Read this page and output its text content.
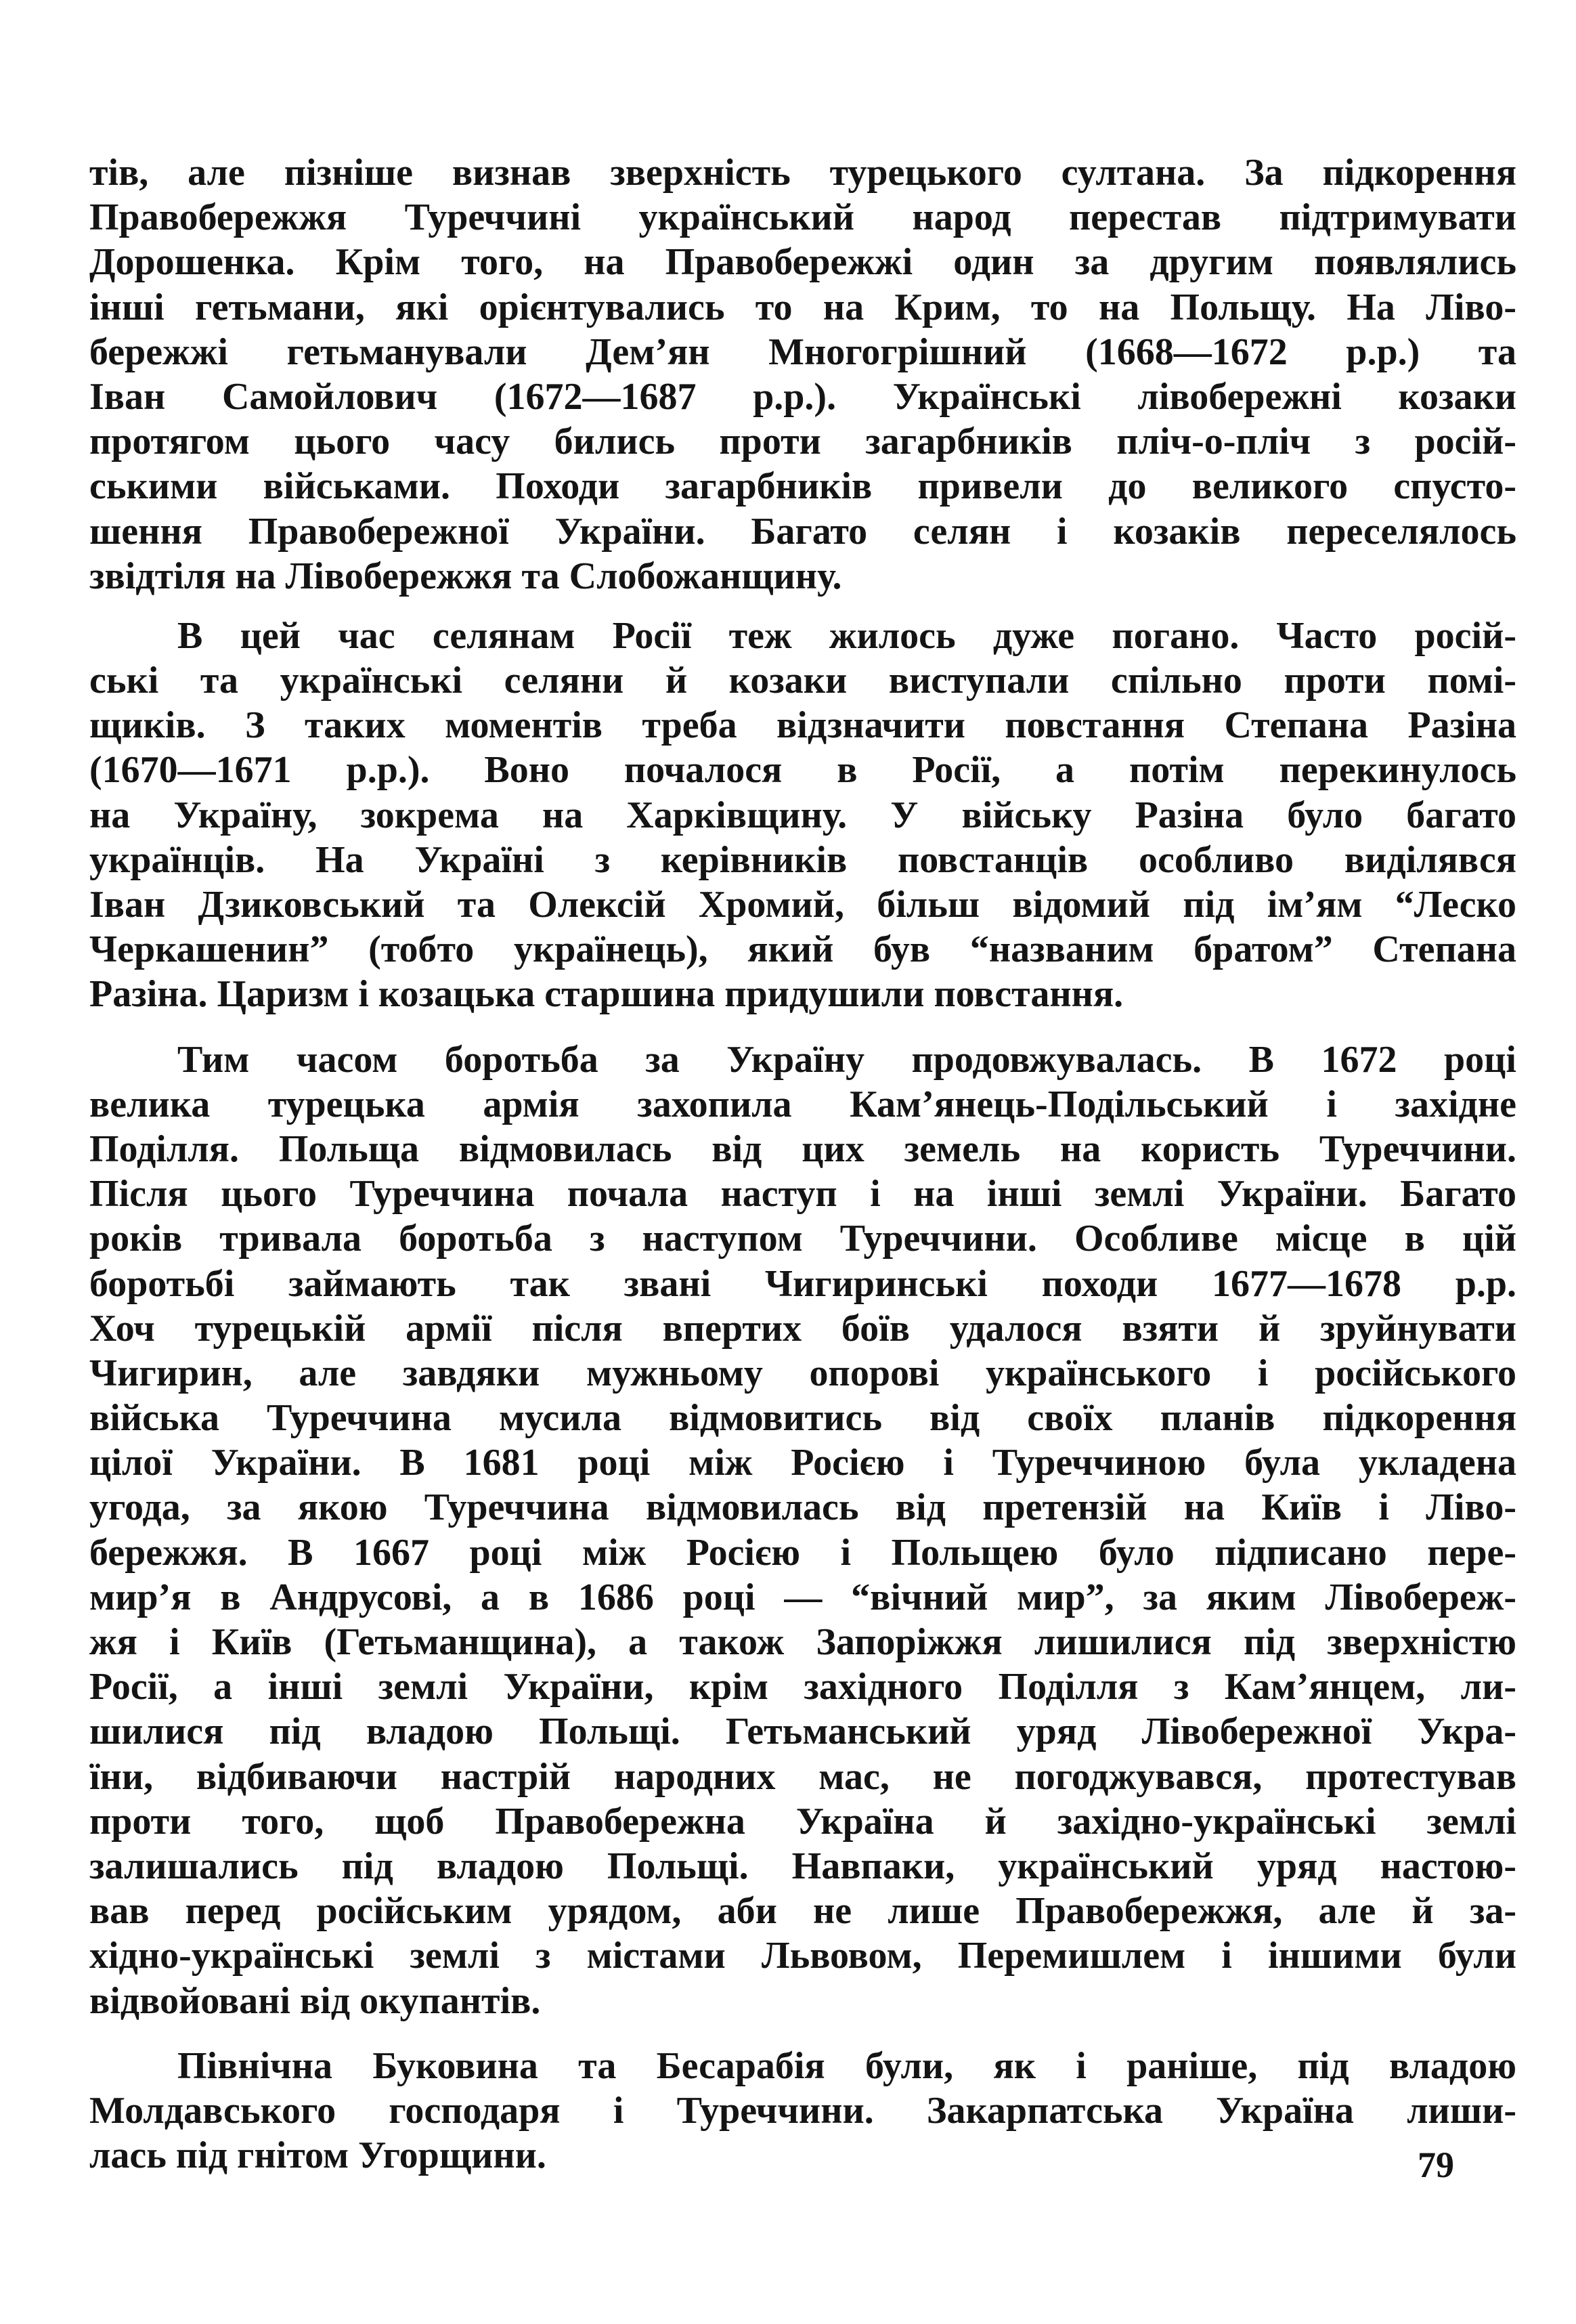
тів, але пізніше визнав зверхність турецького султана. За підкорення
Правобережжя Туреччині український народ перестав підтримувати
Дорошенка. Крім того, на Правобережжі один за другим появлялись
інші гетьмани, які орієнтувались то на Крим, то на Польщу. На Ліво-
бережжі гетьманували Дем’ян Многогрішний (1668—1672 р.р.) та
Іван Самойлович (1672—1687 р.р.). Українські лівобережні козаки
протягом цього часу бились проти загарбників пліч-о-пліч з росій-
ськими військами. Походи загарбників привели до великого спусто-
шення Правобережної України. Багато селян і козаків переселялось
звідтіля на Лівобережжя та Слобожанщину.
В цей час селянам Росії теж жилось дуже погано. Часто росій-
ські та українські селяни й козаки виступали спільно проти помі-
щиків. З таких моментів треба відзначити повстання Степана Разіна
(1670—1671 р.р.). Воно почалося в Росії, а потім перекинулось
на Україну, зокрема на Харківщину. У війську Разіна було багато
українців. На Україні з керівників повстанців особливо виділявся
Іван Дзиковський та Олексій Хромий, більш відомий під ім’ям “Леско
Черкашенин” (тобто українець), який був “названим братом” Степана
Разіна. Царизм і козацька старшина придушили повстання.
Тим часом боротьба за Україну продовжувалась. В 1672 році
велика турецька армія захопила Кам’янець-Подільський і західне
Поділля. Польща відмовилась від цих земель на користь Туреччини.
Після цього Туреччина почала наступ і на інші землі України. Багато
років тривала боротьба з наступом Туреччини. Особливе місце в цій
боротьбі займають так звані Чигиринські походи 1677—1678 р.р.
Хоч турецькій армії після впертих боїв удалося взяти й зруйнувати
Чигирин, але завдяки мужньому опорові українського і російського
війська Туреччина мусила відмовитись від своїх планів підкорення
цілої України. В 1681 році між Росією і Туреччиною була укладена
угода, за якою Туреччина відмовилась від претензій на Київ і Ліво-
бережжя. В 1667 році між Росією і Польщею було підписано пере-
мир’я в Андрусові, а в 1686 році — “вічний мир”, за яким Лівобереж-
жя і Київ (Гетьманщина), а також Запоріжжя лишилися під зверхністю
Росії, а інші землі України, крім західного Поділля з Кам’янцем, ли-
шилися під владою Польщі. Гетьманський уряд Лівобережної Укра-
їни, відбиваючи настрій народних мас, не погоджувався, протестував
проти того, щоб Правобережна Україна й західно-українські землі
залишались під владою Польщі. Навпаки, український уряд настою-
вав перед російським урядом, аби не лише Правобережжя, але й за-
хідно-українські землі з містами Львовом, Перемишлем і іншими були
відвойовані від окупантів.
Північна Буковина та Бесарабія були, як і раніше, під владою
Молдавського господаря і Туреччини. Закарпатська Україна лиши-
лась під гнітом Угорщини.	79
